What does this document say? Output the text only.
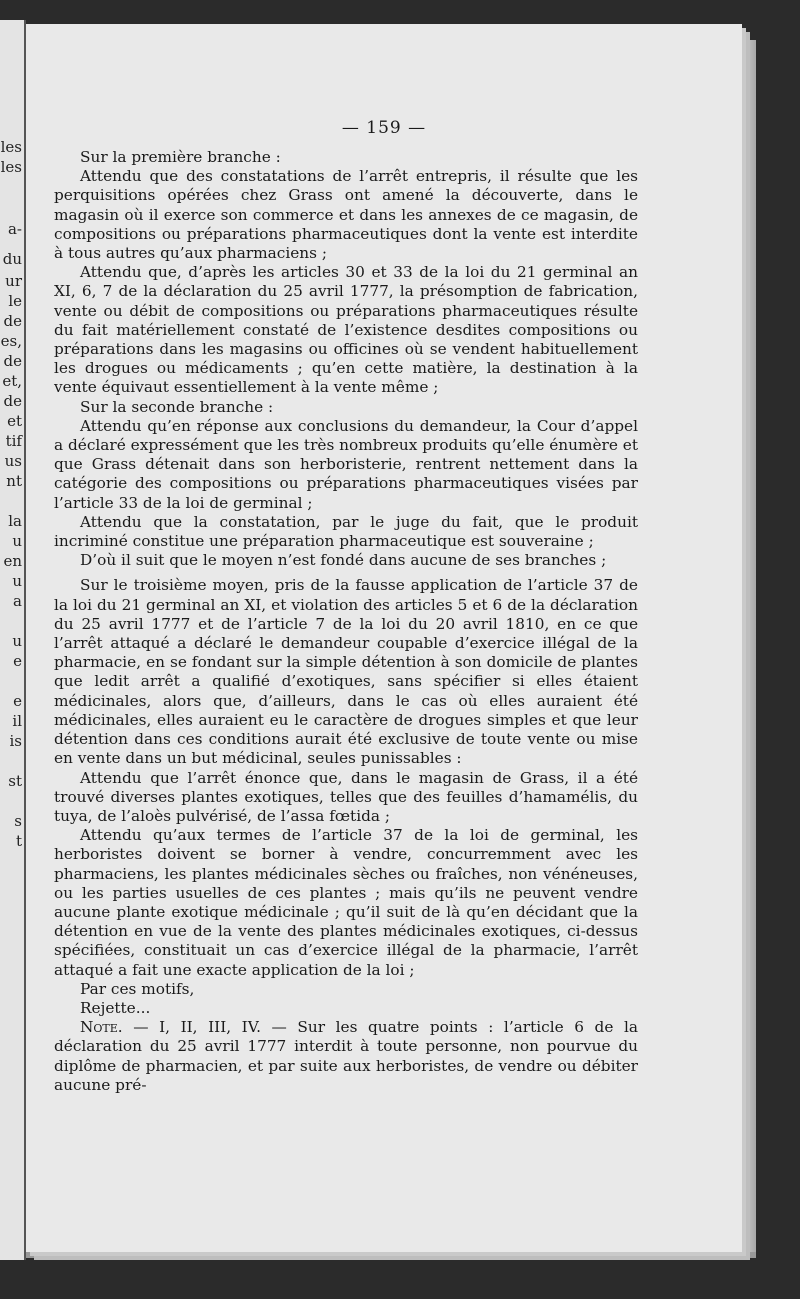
les
les
a-
du
ur
le
de
es,
de
et,
de
et
tif
us
nt
la
u
en
u
a
u
e
e
il
is
st
s
t
— 159 —

Sur la première branche :

Attendu que des constatations de l’arrêt entrepris, il résulte que les perquisitions opérées chez Grass ont amené la découverte, dans le magasin où il exerce son commerce et dans les annexes de ce magasin, de compositions ou préparations pharmaceutiques dont la vente est interdite à tous autres qu’aux pharmaciens ;

Attendu que, d’après les articles 30 et 33 de la loi du 21 germinal an XI, 6, 7 de la déclaration du 25 avril 1777, la présomption de fabrication, vente ou débit de compositions ou préparations pharmaceutiques résulte du fait matériellement constaté de l’existence desdites compositions ou préparations dans les magasins ou officines où se vendent habituellement les drogues ou médicaments ; qu’en cette matière, la destination à la vente équivaut essentiellement à la vente même ;

Sur la seconde branche :

Attendu qu’en réponse aux conclusions du demandeur, la Cour d’appel a déclaré expressément que les très nombreux produits qu’elle énumère et que Grass détenait dans son herboristerie, rentrent nettement dans la catégorie des compositions ou préparations pharmaceutiques visées par l’article 33 de la loi de germinal ;

Attendu que la constatation, par le juge du fait, que le produit incriminé constitue une préparation pharmaceutique est souveraine ;

D’où il suit que le moyen n’est fondé dans aucune de ses branches ;

Sur le troisième moyen, pris de la fausse application de l’article 37 de la loi du 21 germinal an XI, et violation des articles 5 et 6 de la déclaration du 25 avril 1777 et de l’article 7 de la loi du 20 avril 1810, en ce que l’arrêt attaqué a déclaré le demandeur coupable d’exercice illégal de la pharmacie, en se fondant sur la simple détention à son domicile de plantes que ledit arrêt a qualifié d’exotiques, sans spécifier si elles étaient médicinales, alors que, d’ailleurs, dans le cas où elles auraient été médicinales, elles auraient eu le caractère de drogues simples et que leur détention dans ces conditions aurait été exclusive de toute vente ou mise en vente dans un but médicinal, seules punissables :

Attendu que l’arrêt énonce que, dans le magasin de Grass, il a été trouvé diverses plantes exotiques, telles que des feuilles d’hamamélis, du tuya, de l’aloès pulvérisé, de l’assa fœtida ;

Attendu qu’aux termes de l’article 37 de la loi de germinal, les herboristes doivent se borner à vendre, concurremment avec les pharmaciens, les plantes médicinales sèches ou fraîches, non vénéneuses, ou les parties usuelles de ces plantes ; mais qu’ils ne peuvent vendre aucune plante exotique médicinale ; qu’il suit de là qu’en décidant que la détention en vue de la vente des plantes médicinales exotiques, ci-dessus spécifiées, constituait un cas d’exercice illégal de la pharmacie, l’arrêt attaqué a fait une exacte application de la loi ;

Par ces motifs,

Rejette...

Note. — I, II, III, IV. — Sur les quatre points : l’article 6 de la déclaration du 25 avril 1777 interdit à toute personne, non pourvue du diplôme de pharmacien, et par suite aux herboristes, de vendre ou débiter aucune pré-
